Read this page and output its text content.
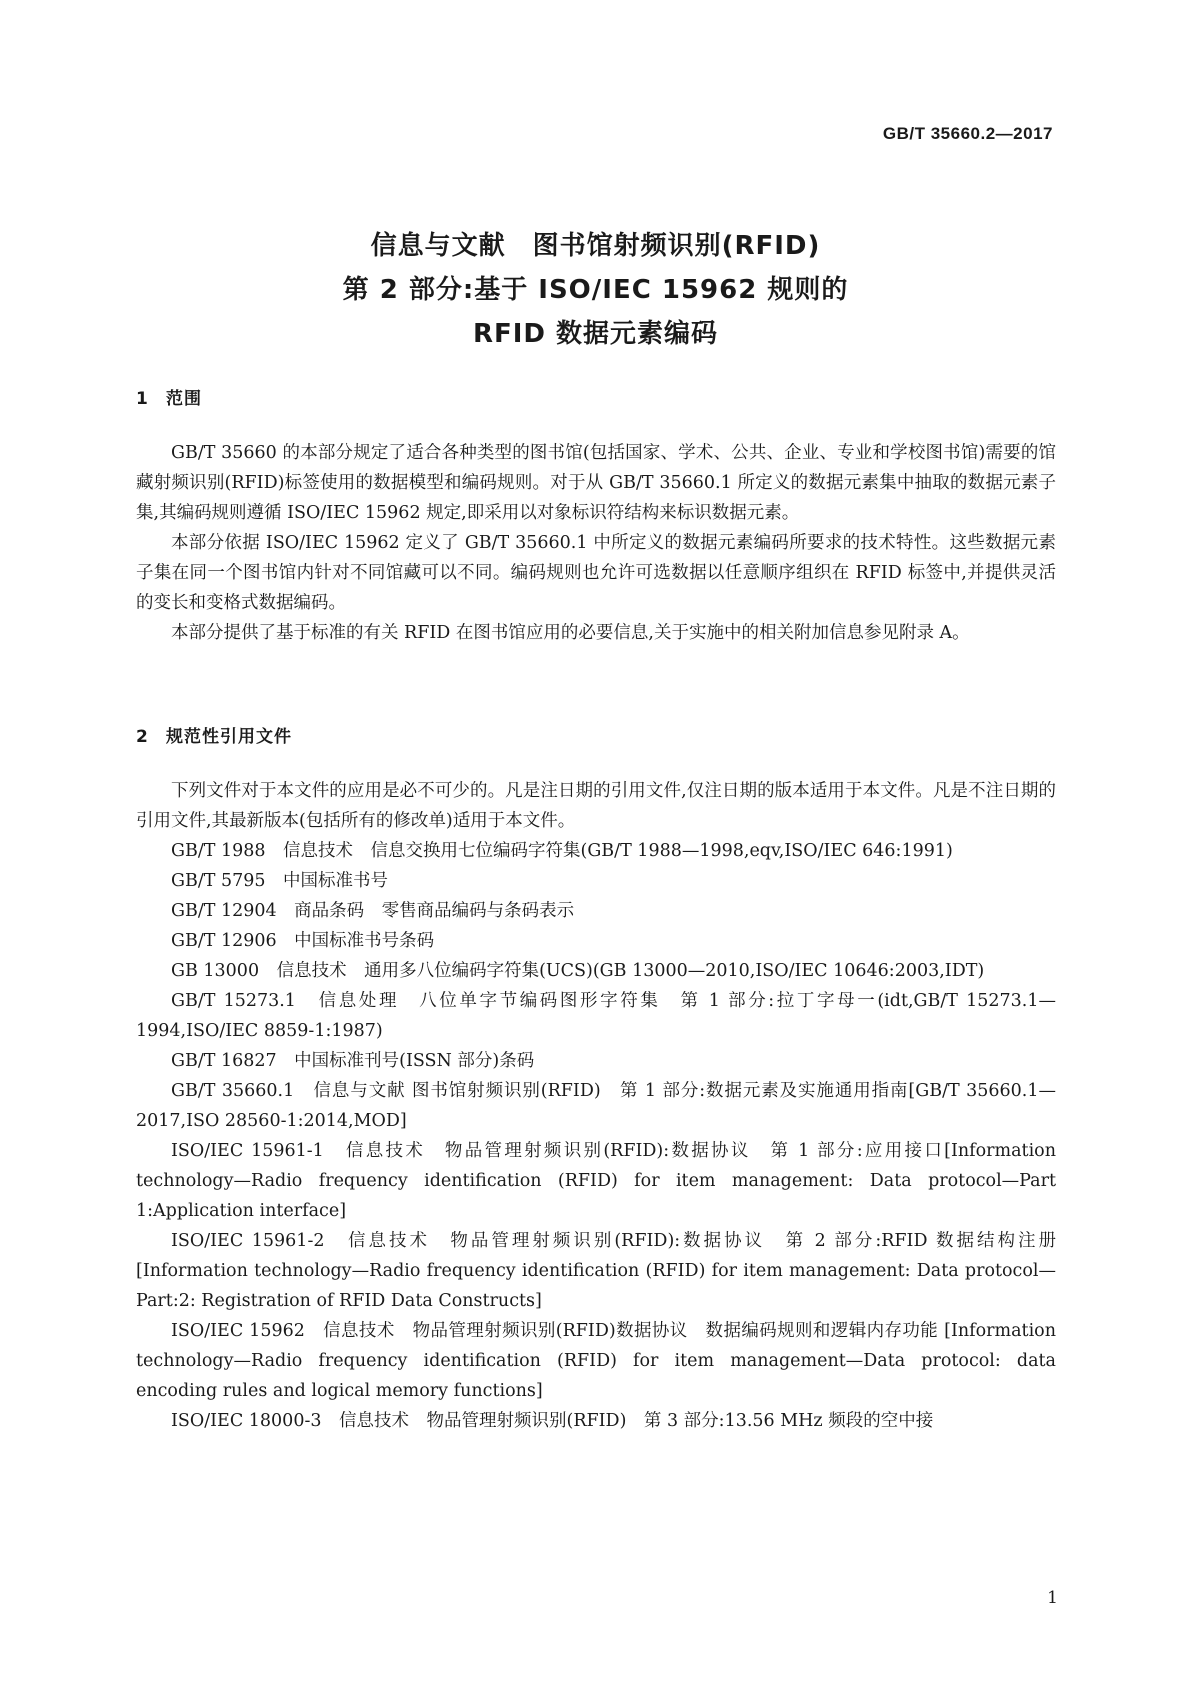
GB/T 35660.2—2017
信息与文献　图书馆射频识别(RFID)
第 2 部分:基于 ISO/IEC 15962 规则的
RFID 数据元素编码
1 范围

GB/T 35660 的本部分规定了适合各种类型的图书馆(包括国家、学术、公共、企业、专业和学校图书馆)需要的馆藏射频识别(RFID)标签使用的数据模型和编码规则。对于从 GB/T 35660.1 所定义的数据元素集中抽取的数据元素子集,其编码规则遵循 ISO/IEC 15962 规定,即采用以对象标识符结构来标识数据元素。

本部分依据 ISO/IEC 15962 定义了 GB/T 35660.1 中所定义的数据元素编码所要求的技术特性。这些数据元素子集在同一个图书馆内针对不同馆藏可以不同。编码规则也允许可选数据以任意顺序组织在 RFID 标签中,并提供灵活的变长和变格式数据编码。

本部分提供了基于标准的有关 RFID 在图书馆应用的必要信息,关于实施中的相关附加信息参见附录 A。

2 规范性引用文件

下列文件对于本文件的应用是必不可少的。凡是注日期的引用文件,仅注日期的版本适用于本文件。凡是不注日期的引用文件,其最新版本(包括所有的修改单)适用于本文件。

GB/T 1988　信息技术　信息交换用七位编码字符集(GB/T 1988—1998,eqv,ISO/IEC 646:1991)

GB/T 5795　中国标准书号

GB/T 12904　商品条码　零售商品编码与条码表示

GB/T 12906　中国标准书号条码

GB 13000　信息技术　通用多八位编码字符集(UCS)(GB 13000—2010,ISO/IEC 10646:2003,IDT)

GB/T 15273.1　信息处理　八位单字节编码图形字符集　第 1 部分:拉丁字母一(idt,GB/T 15273.1—1994,ISO/IEC 8859-1:1987)

GB/T 16827　中国标准刊号(ISSN 部分)条码

GB/T 35660.1　信息与文献 图书馆射频识别(RFID)　第 1 部分:数据元素及实施通用指南[GB/T 35660.1—2017,ISO 28560-1:2014,MOD]

ISO/IEC 15961-1　信息技术　物品管理射频识别(RFID):数据协议　第 1 部分:应用接口[Information technology—Radio frequency identification (RFID) for item management: Data protocol—Part 1:Application interface]

ISO/IEC 15961-2　信息技术　物品管理射频识别(RFID):数据协议　第 2 部分:RFID 数据结构注册 [Information technology—Radio frequency identification (RFID) for item management: Data protocol—Part:2: Registration of RFID Data Constructs]

ISO/IEC 15962　信息技术　物品管理射频识别(RFID)数据协议　数据编码规则和逻辑内存功能 [Information technology—Radio frequency identification (RFID) for item management—Data protocol: data encoding rules and logical memory functions]

ISO/IEC 18000-3　信息技术　物品管理射频识别(RFID)　第 3 部分:13.56 MHz 频段的空中接

1
